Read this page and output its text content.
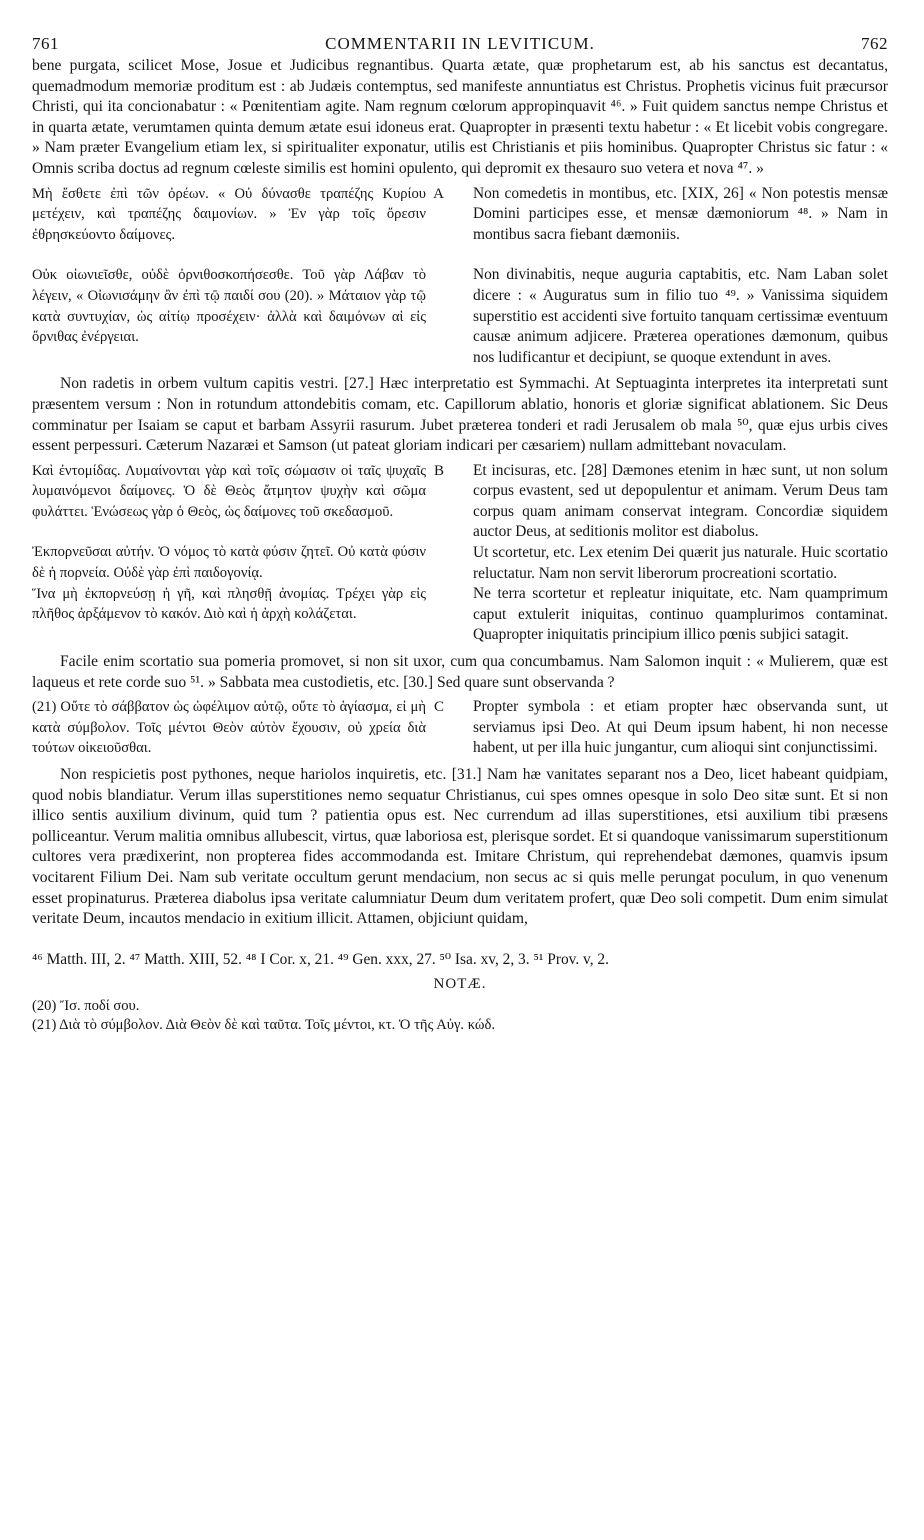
761	COMMENTARII IN LEVITICUM.	762
bene purgata, scilicet Mose, Josue et Judicibus regnantibus. Quarta ætate, quæ prophetarum est, ab his sanctus est decantatus, quemadmodum memoriæ proditum est : ab Judæis contemptus, sed manifeste annuntiatus est Christus. Prophetis vicinus fuit præcursor Christi, qui ita concionabatur : « Pœnitentiam agite. Nam regnum cœlorum appropinquavit ⁴⁶. » Fuit quidem sanctus nempe Christus et in quarta ætate, verumtamen quinta demum ætate esui idoneus erat. Quapropter in præsenti textu habetur : « Et licebit vobis congregare. » Nam præter Evangelium etiam lex, si spiritualiter exponatur, utilis est Christianis et piis hominibus. Quapropter Christus sic fatur : « Omnis scriba doctus ad regnum cœleste similis est homini opulento, qui depromit ex thesauro suo vetera et nova ⁴⁷. »
A

Μὴ ἔσθετε ἐπὶ τῶν ὀρέων. « Οὐ δύνασθε τραπέζης Κυρίου μετέχειν, καὶ τραπέζης δαιμονίων. » Ἐν γὰρ τοῖς ὄρεσιν ἐθρησκεύοντο δαίμονες.

Οὐκ οἰωνιεῖσθε, οὐδὲ ὀρνιθοσκοπήσεσθε. Τοῦ γὰρ Λάβαν τὸ λέγειν, « Οἰωνισάμην ἂν ἐπὶ τῷ παιδί σου (20). » Μάταιον γὰρ τῷ κατὰ συντυχίαν, ὡς αἰτίῳ προσέχειν· ἀλλὰ καὶ δαιμόνων αἱ εἰς ὄρνιθας ἐνέργειαι.

Non comedetis in montibus, etc. [XIX, 26] « Non potestis mensæ Domini participes esse, et mensæ dæmoniorum ⁴⁸. » Nam in montibus sacra fiebant dæmoniis.

Non divinabitis, neque auguria captabitis, etc. Nam Laban solet dicere : « Auguratus sum in filio tuo ⁴⁹. » Vanissima siquidem superstitio est accidenti sive fortuito tanquam certissimæ eventuum causæ animum adjicere. Præterea operationes dæmonum, quibus nos ludificantur et decipiunt, se quoque extendunt in aves.

Non radetis in orbem vultum capitis vestri. [27.] Hæc interpretatio est Symmachi. At Septuaginta interpretes ita interpretati sunt præsentem versum : Non in rotundum attondebitis comam, etc. Capillorum ablatio, honoris et gloriæ significat ablationem. Sic Deus comminatur per Isaiam se caput et barbam Assyrii rasurum. Jubet præterea tonderi et radi Jerusalem ob mala ⁵⁰, quæ ejus urbis cives essent perpessuri. Cæterum Nazaræi et Samson (ut pateat gloriam indicari per cæsariem) nullam admittebant novaculam.
B

Καὶ ἐντομίδας. Λυμαίνονται γὰρ καὶ τοῖς σώμασιν οἱ ταῖς ψυχαῖς λυμαινόμενοι δαίμονες. Ὁ δὲ Θεὸς ἄτμητον ψυχὴν καὶ σῶμα φυλάττει. Ἑνώσεως γὰρ ὁ Θεὸς, ὡς δαίμονες τοῦ σκεδασμοῦ.

Ἐκπορνεῦσαι αὐτήν. Ὁ νόμος τὸ κατὰ φύσιν ζητεῖ. Οὐ κατὰ φύσιν δὲ ἡ πορνεία. Οὐδὲ γὰρ ἐπὶ παιδογονίᾳ.

Ἵνα μὴ ἐκπορνεύσῃ ἡ γῆ, καὶ πλησθῇ ἀνομίας. Τρέχει γὰρ εἰς πλῆθος ἀρξάμενον τὸ κακόν. Διὸ καὶ ἡ ἀρχὴ κολάζεται.

Et incisuras, etc. [28] Dæmones etenim in hæc sunt, ut non solum corpus evastent, sed ut depopulentur et animam. Verum Deus tam corpus quam animam conservat integram. Concordiæ siquidem auctor Deus, at seditionis molitor est diabolus.

Ut scortetur, etc. Lex etenim Dei quærit jus naturale. Huic scortatio reluctatur. Nam non servit liberorum procreationi scortatio.

Ne terra scortetur et repleatur iniquitate, etc. Nam quamprimum caput extulerit iniquitas, continuo quamplurimos contaminat. Quapropter iniquitatis principium illico pœnis subjici satagit.

Facile enim scortatio sua pomeria promovet, si non sit uxor, cum qua concumbamus. Nam Salomon inquit : « Mulierem, quæ est laqueus et rete corde suo ⁵¹. » Sabbata mea custodietis, etc. [30.] Sed quare sunt observanda ?
C

(21) Οὔτε τὸ σάββατον ὡς ὠφέλιμον αὐτῷ, οὔτε τὸ ἁγίασμα, εἰ μὴ κατὰ σύμβολον. Τοῖς μέντοι Θεὸν αὐτὸν ἔχουσιν, οὐ χρεία διὰ τούτων οἰκειοῦσθαι.

Propter symbola : et etiam propter hæc observanda sunt, ut serviamus ipsi Deo. At qui Deum ipsum habent, hi non necesse habent, ut per illa huic jungantur, cum alioqui sint conjunctissimi.

Non respicietis post pythones, neque hariolos inquiretis, etc. [31.] Nam hæ vanitates separant nos a Deo, licet habeant quidpiam, quod nobis blandiatur. Verum illas superstitiones nemo sequatur Christianus, cui spes omnes opesque in solo Deo sitæ sunt. Et si non illico sentis auxilium divinum, quid tum ? patientia opus est. Nec currendum ad illas superstitiones, etsi auxilium tibi præsens polliceantur. Verum malitia omnibus allubescit, virtus, quæ laboriosa est, plerisque sordet. Et si quandoque vanissimarum superstitionum cultores vera prædixerint, non propterea fides accommodanda est. Imitare Christum, qui reprehendebat dæmones, quamvis ipsum vocitarent Filium Dei. Nam sub veritate occultum gerunt mendacium, non secus ac si quis melle perungat poculum, in quo venenum esset propinaturus. Præterea diabolus ipsa veritate calumniatur Deum dum veritatem profert, quæ Deo soli competit. Dum enim simulat veritate Deum, incautos mendacio in exitium illicit. Attamen, objiciunt quidam,
⁴⁶ Matth. III, 2. ⁴⁷ Matth. XIII, 52. ⁴⁸ I Cor. x, 21. ⁴⁹ Gen. xxx, 27. ⁵⁰ Isa. xv, 2, 3. ⁵¹ Prov. v, 2.
NOTÆ.
(20) Ἴσ. ποδί σου.
(21) Διὰ τὸ σύμβολον. Διὰ Θεὸν δὲ καὶ ταῦτα. Τοῖς μέντοι, κτ. Ὁ τῆς Αὐγ. κώδ.
